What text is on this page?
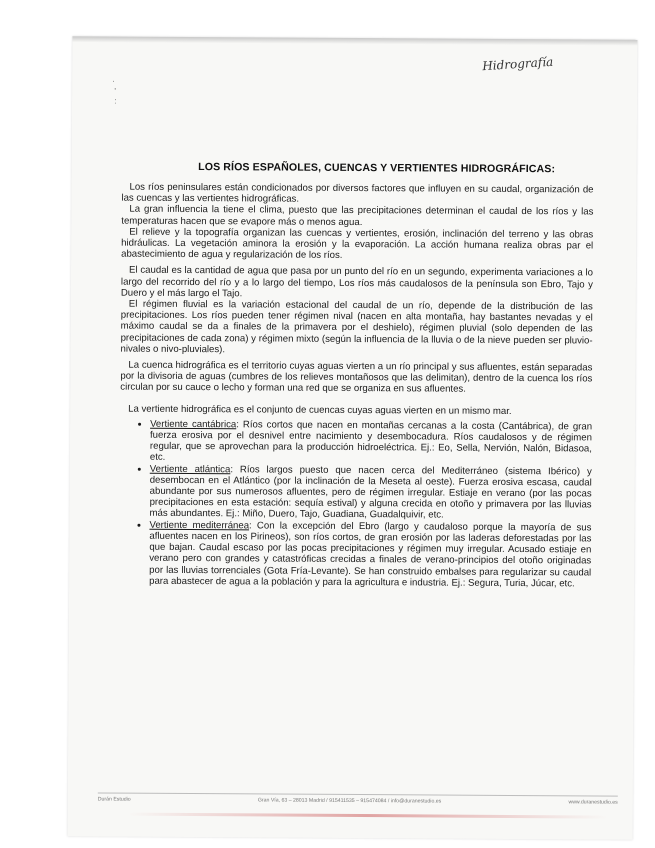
Hidrografía
·
'
:
LOS RÍOS ESPAÑOLES, CUENCAS Y VERTIENTES HIDROGRÁFICAS:

Los ríos peninsulares están condicionados por diversos factores que influyen en su caudal, organización de las cuencas y las vertientes hidrográficas.

La gran influencia la tiene el clima, puesto que las precipitaciones determinan el caudal de los ríos y las temperaturas hacen que se evapore más o menos agua.

El relieve y la topografía organizan las cuencas y vertientes, erosión, inclinación del terreno y las obras hidráulicas. La vegetación aminora la erosión y la evaporación. La acción humana realiza obras par el abastecimiento de agua y regularización de los ríos.

El caudal es la cantidad de agua que pasa por un punto del río en un segundo, experimenta variaciones a lo largo del recorrido del río y a lo largo del tiempo, Los ríos más caudalosos de la península son Ebro, Tajo y Duero y el más largo el Tajo.

El régimen fluvial es la variación estacional del caudal de un río, depende de la distribución de las precipitaciones. Los ríos pueden tener régimen nival (nacen en alta montaña, hay bastantes nevadas y el máximo caudal se da a finales de la primavera por el deshielo), régimen pluvial (solo dependen de las precipitaciones de cada zona) y régimen mixto (según la influencia de la lluvia o de la nieve pueden ser pluvio-nivales o nivo-pluviales).

La cuenca hidrográfica es el territorio cuyas aguas vierten a un río principal y sus afluentes, están separadas por la divisoria de aguas (cumbres de los relieves montañosos que las delimitan), dentro de la cuenca los ríos circulan por su cauce o lecho y forman una red que se organiza en sus afluentes.

La vertiente hidrográfica es el conjunto de cuencas cuyas aguas vierten en un mismo mar.

• Vertiente cantábrica: Ríos cortos que nacen en montañas cercanas a la costa (Cantábrica), de gran fuerza erosiva por el desnivel entre nacimiento y desembocadura. Ríos caudalosos y de régimen regular, que se aprovechan para la producción hidroeléctrica. Ej.: Eo, Sella, Nervión, Nalón, Bidasoa, etc.
• Vertiente atlántica: Ríos largos puesto que nacen cerca del Mediterráneo (sistema Ibérico) y desembocan en el Atlántico (por la inclinación de la Meseta al oeste). Fuerza erosiva escasa, caudal abundante por sus numerosos afluentes, pero de régimen irregular. Estiaje en verano (por las pocas precipitaciones en esta estación: sequía estival) y alguna crecida en otoño y primavera por las lluvias más abundantes. Ej.: Miño, Duero, Tajo, Guadiana, Guadalquivir, etc.
• Vertiente mediterránea: Con la excepción del Ebro (largo y caudaloso porque la mayoría de sus afluentes nacen en los Pirineos), son ríos cortos, de gran erosión por las laderas deforestadas por las que bajan. Caudal escaso por las pocas precipitaciones y régimen muy irregular. Acusado estiaje en verano pero con grandes y catastróficas crecidas a finales de verano-principios del otoño originadas por las lluvias torrenciales (Gota Fría-Levante). Se han construido embalses para regularizar su caudal para abastecer de agua a la población y para la agricultura e industria. Ej.: Segura, Turia, Júcar, etc.
Durán Estudio	Gran Vía, 63 – 28013 Madrid / 915411535 – 915474084 / info@duranestudio.es	www.duranestudio.es
